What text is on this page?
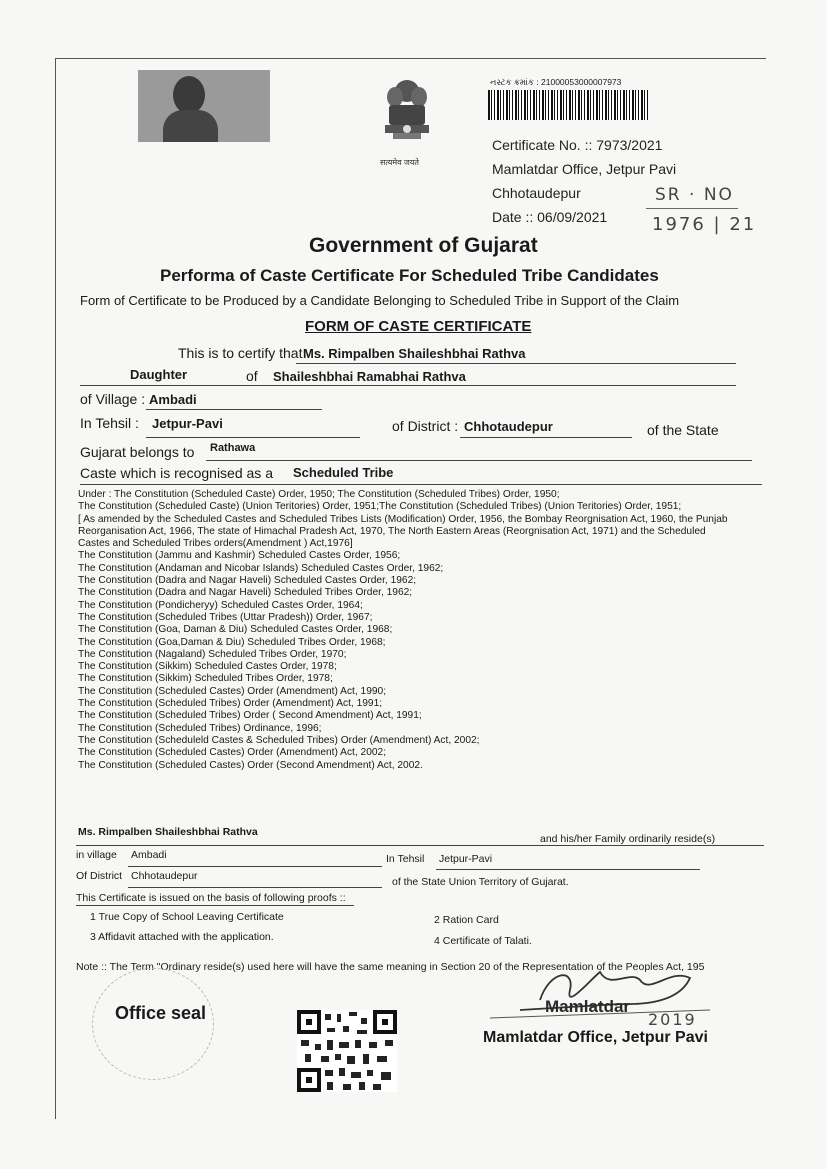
सत्यमेव जयते
નસ્ટક ક્રમાંક : 21000053000007973
Certificate No. :: 7973/2021
Mamlatdar Office, Jetpur Pavi
Chhotaudepur
Date :: 06/09/2021
SR · NO
1976 | 21
Government of Gujarat
Performa of Caste Certificate For Scheduled Tribe Candidates
Form of Certificate to be Produced by a Candidate Belonging to Scheduled Tribe in Support of the Claim
FORM OF CASTE CERTIFICATE
This is to certify that Ms. Rimpalben Shaileshbhai Rathva
Daughter	of Shaileshbhai Ramabhai Rathva
of Village : Ambadi
In Tehsil : Jetpur-Pavi	of District : Chhotaudepur	of the State
Gujarat belongs to Rathawa
Caste which is recognised as a Scheduled Tribe
Under : The Constitution (Scheduled Caste) Order, 1950; The Constitution (Scheduled Tribes) Order, 1950;
The Constitution (Scheduled Caste) (Union Teritories) Order, 1951;The Constitution (Scheduled Tribes) (Union Teritories) Order, 1951;
[ As amended by the Scheduled Castes and Scheduled Tribes Lists (Modification) Order, 1956, the Bombay Reorgnisation Act, 1960, the Punjab Reorganisation Act, 1966, The state of Himachal Pradesh Act, 1970, The North Eastern Areas (Reorgnisation Act, 1971) and the Scheduled Castes and Scheduled Tribes orders(Amendment ) Act,1976]
The Constitution (Jammu and Kashmir) Scheduled Castes Order, 1956;
The Constitution (Andaman and Nicobar Islands) Scheduled Castes Order, 1962;
The Constitution (Dadra and Nagar Haveli) Scheduled Castes Order, 1962;
The Constitution (Dadra and Nagar Haveli) Scheduled Tribes Order, 1962;
The Constitution (Pondicheryy) Scheduled Castes Order, 1964;
The Constitution (Scheduled Tribes (Uttar Pradesh)) Order, 1967;
The Constitution (Goa, Daman & Diu) Scheduled Castes Order, 1968;
The Constitution (Goa,Daman & Diu) Scheduled Tribes Order, 1968;
The Constitution (Nagaland) Scheduled Tribes Order, 1970;
The Constitution (Sikkim) Scheduled Castes Order, 1978;
The Constitution (Sikkim) Scheduled Tribes Order, 1978;
The Constitution (Scheduled Castes) Order (Amendment) Act, 1990;
The Constitution (Scheduled Tribes) Order (Amendment) Act, 1991;
The Constitution (Scheduled Tribes) Order ( Second Amendment) Act, 1991;
The Constitution (Scheduled Tribes) Ordinance, 1996;
The Constitution (Scheduleld Castes & Scheduled Tribes) Order (Amendment) Act, 2002;
The Constitution (Scheduled Castes) Order (Amendment) Act, 2002;
The Constitution (Scheduled Castes) Order (Second Amendment) Act, 2002.
Ms. Rimpalben Shaileshbhai Rathva
and his/her Family ordinarily reside(s)
in village Ambadi	In Tehsil Jetpur-Pavi
Of District Chhotaudepur	of the State Union Territory of Gujarat.
This Certificate is issued on the basis of following proofs ::
1 True Copy of School Leaving Certificate	2 Ration Card
3 Affidavit attached with the application.	4 Certificate of Talati.
Note :: The Term "Ordinary reside(s) used here will have the same meaning in Section 20 of the Representation of the Peoples Act, 195
Office seal	Mamlatdar
2019
Mamlatdar Office, Jetpur Pavi
